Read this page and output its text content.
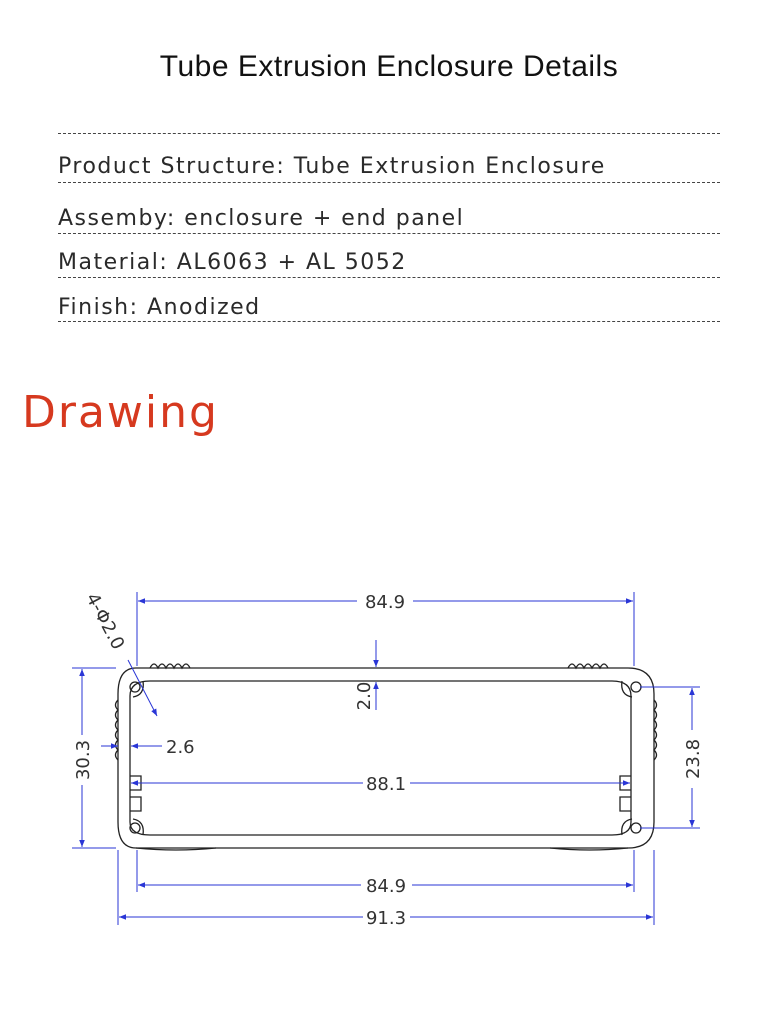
Tube Extrusion Enclosure Details
Product Structure: Tube Extrusion Enclosure
Assemby: enclosure + end panel
Material: AL6063 + AL 5052
Finish: Anodized
Drawing
84.9
2.0
4-Φ2.0
2.6
30.3	23.8
88.1
84.9
91.3
